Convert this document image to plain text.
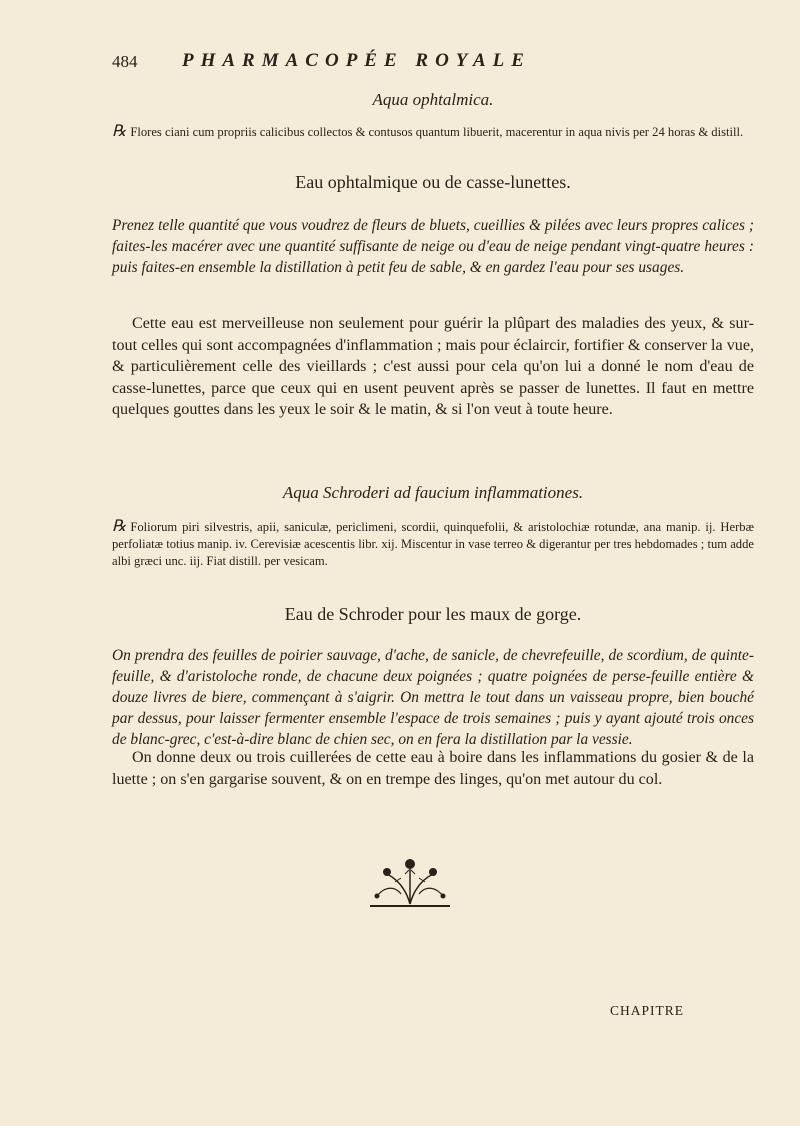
484 PHARMACOPÉE ROYALE
Aqua ophtalmica.
℞ Flores ciani cum propriis calicibus collectos & contusos quantum libuerit, macerentur in aqua nivis per 24 horas & distill.
Eau ophtalmique ou de casse-lunettes.
Prenez telle quantité que vous voudrez de fleurs de bluets, cueillies & pilées avec leurs propres calices ; faites-les macérer avec une quantité suffisante de neige ou d'eau de neige pendant vingt-quatre heures : puis faites-en ensemble la distillation à petit feu de sable, & en gardez l'eau pour ses usages.
Cette eau est merveilleuse non seulement pour guérir la plûpart des maladies des yeux, & sur-tout celles qui sont accompagnées d'inflammation ; mais pour éclaircir, fortifier & conserver la vue, & particulièrement celle des vieillards ; c'est aussi pour cela qu'on lui a donné le nom d'eau de casse-lunettes, parce que ceux qui en usent peuvent après se passer de lunettes. Il faut en mettre quelques gouttes dans les yeux le soir & le matin, & si l'on veut à toute heure.
Aqua Schroderi ad faucium inflammationes.
℞ Foliorum piri silvestris, apii, saniculæ, periclimeni, scordii, quinquefolii, & aristolochiæ rotundæ, ana manip. ij. Herbæ perfoliatæ totius manip. iv. Cerevisiæ acescentis libr. xij. Miscentur in vase terreo & digerantur per tres hebdomades ; tum adde albi græci unc. iij. Fiat distill. per vesicam.
Eau de Schroder pour les maux de gorge.
On prendra des feuilles de poirier sauvage, d'ache, de sanicle, de chevrefeuille, de scordium, de quinte-feuille, & d'aristoloche ronde, de chacune deux poignées ; quatre poignées de perse-feuille entière & douze livres de biere, commençant à s'aigrir. On mettra le tout dans un vaisseau propre, bien bouché par dessus, pour laisser fermenter ensemble l'espace de trois semaines ; puis y ayant ajouté trois onces de blanc-grec, c'est-à-dire blanc de chien sec, on en fera la distillation par la vessie.
On donne deux ou trois cuillerées de cette eau à boire dans les inflammations du gosier & de la luette ; on s'en gargarise souvent, & on en trempe des linges, qu'on met autour du col.
CHAPITRE
